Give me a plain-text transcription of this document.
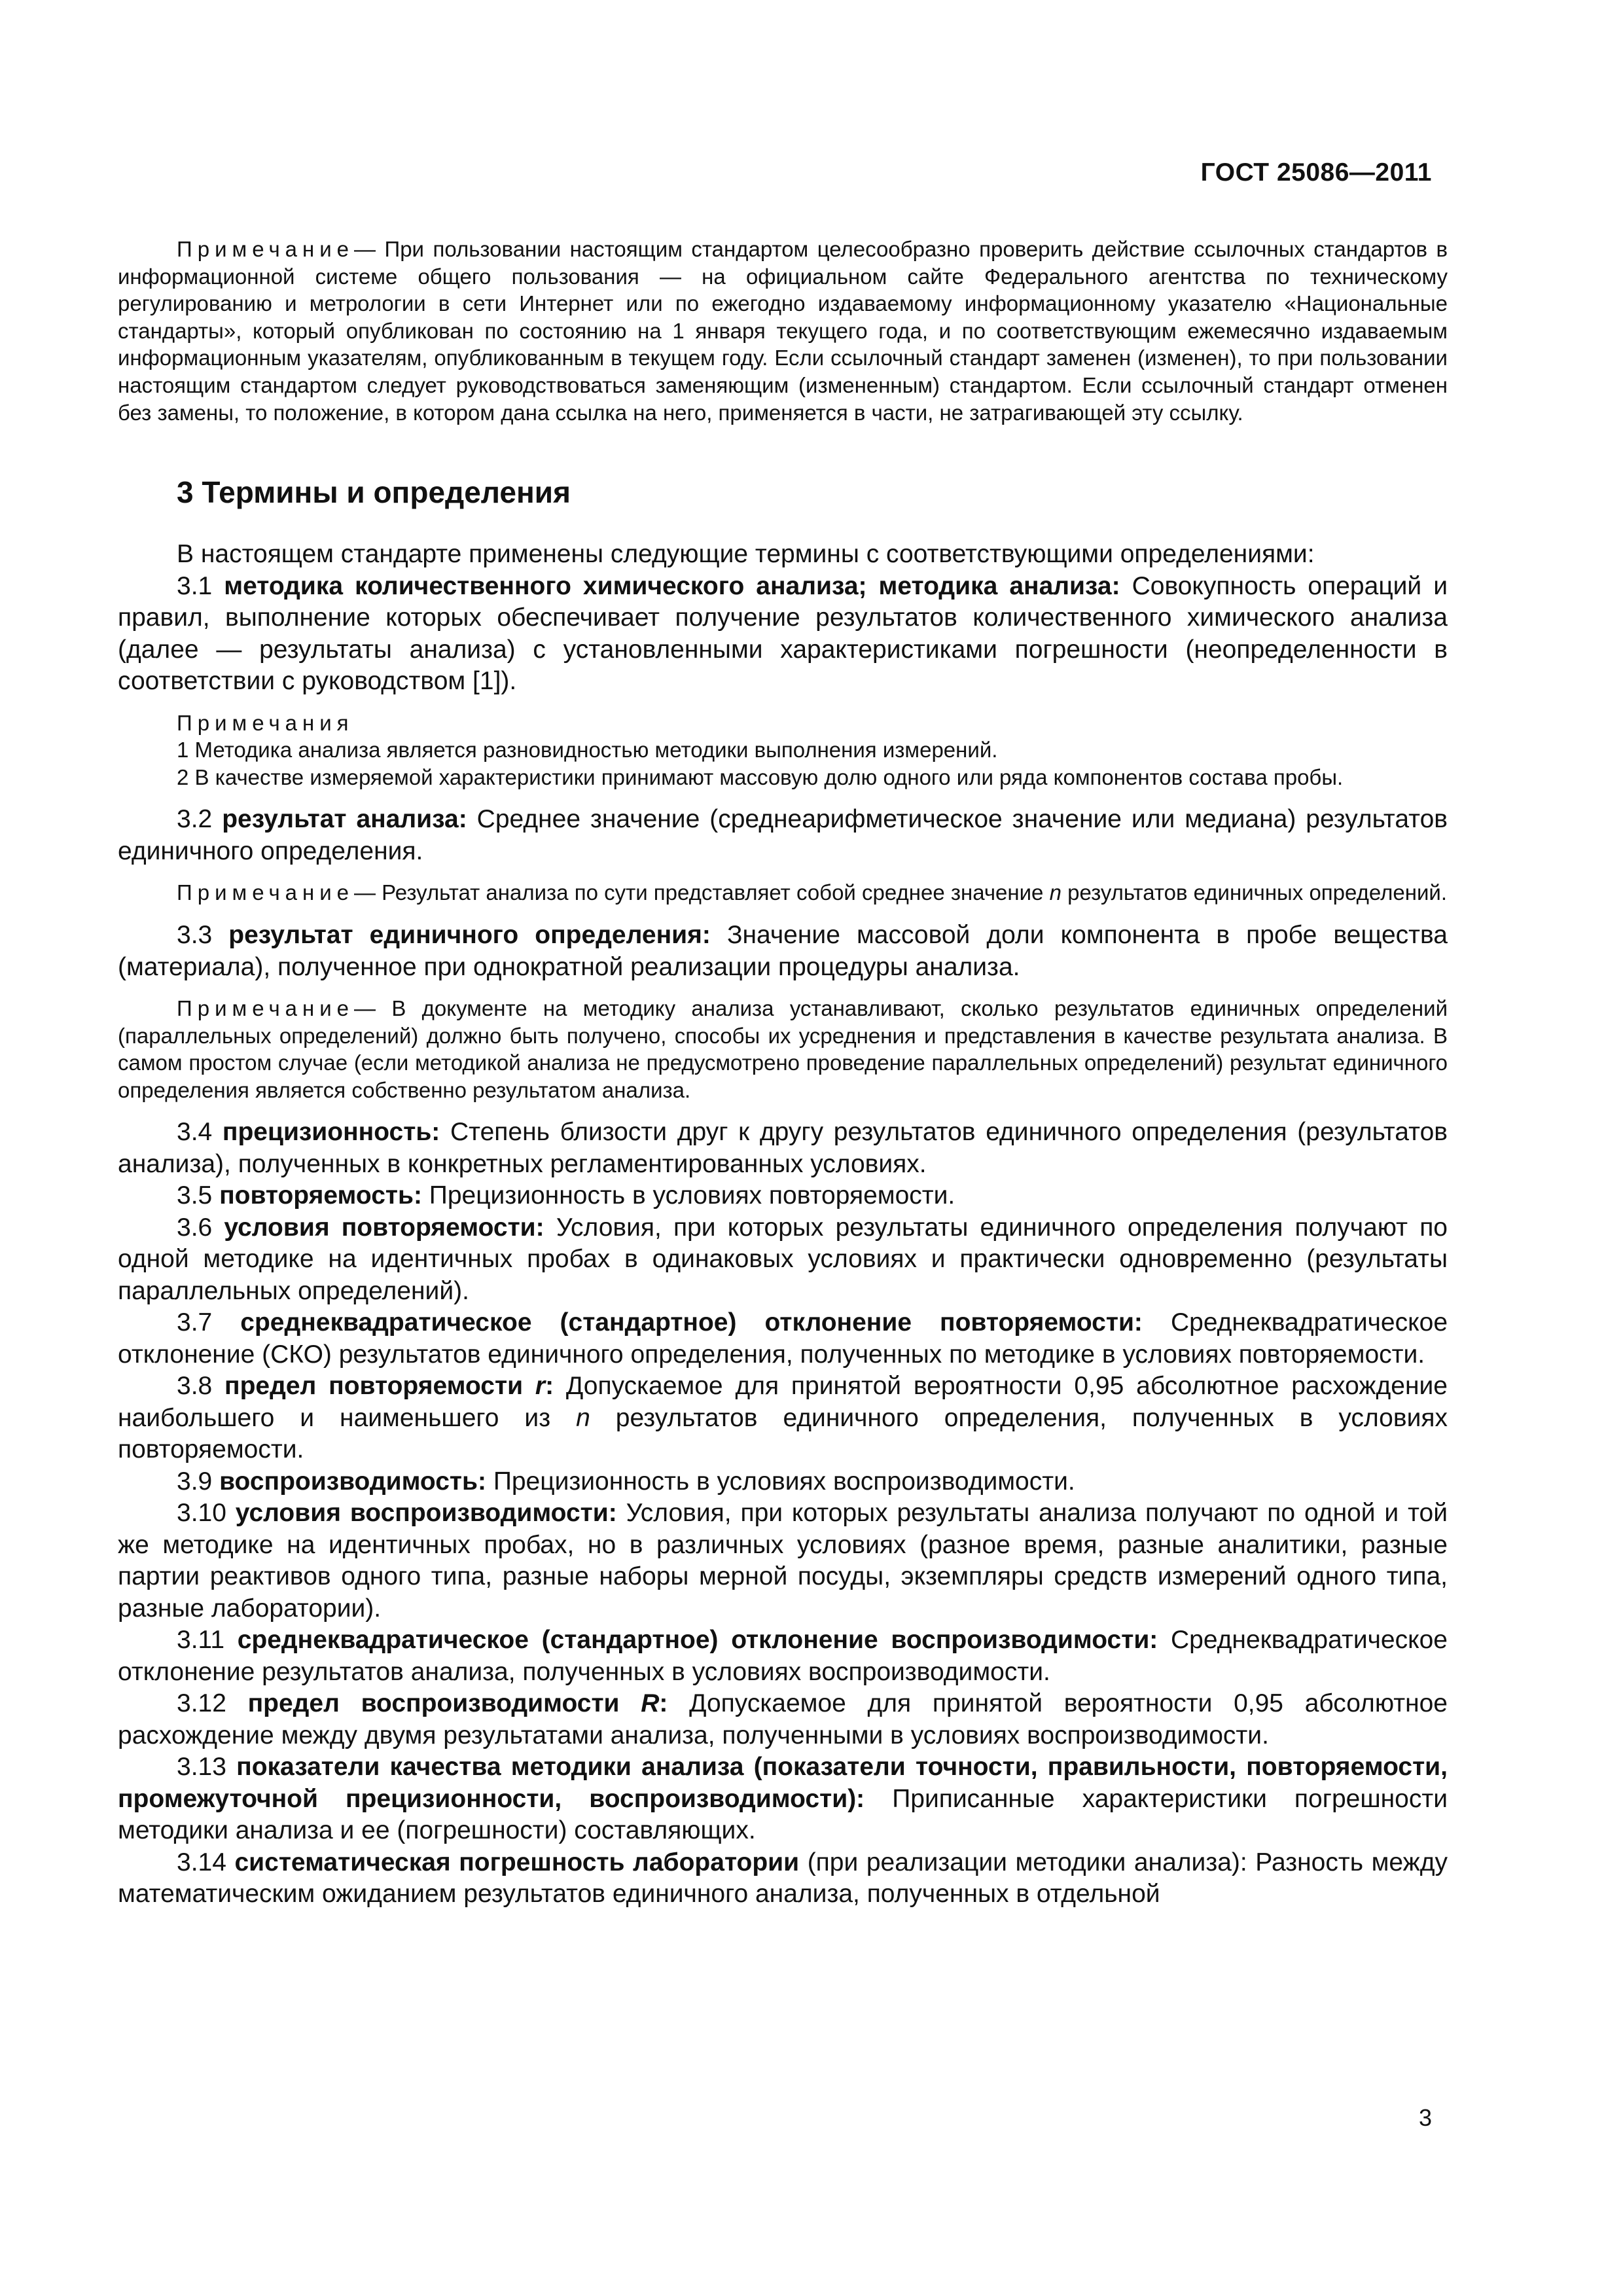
ГОСТ 25086—2011

Примечание— При пользовании настоящим стандартом целесообразно проверить действие ссылочных стандартов в информационной системе общего пользования — на официальном сайте Федерального агентства по техническому регулированию и метрологии в сети Интернет или по ежегодно издаваемому информационному указателю «Национальные стандарты», который опубликован по состоянию на 1 января текущего года, и по соответствующим ежемесячно издаваемым информационным указателям, опубликованным в текущем году. Если ссылочный стандарт заменен (изменен), то при пользовании настоящим стандартом следует руководствоваться заменяющим (измененным) стандартом. Если ссылочный стандарт отменен без замены, то положение, в котором дана ссылка на него, применяется в части, не затрагивающей эту ссылку.

3 Термины и определения

В настоящем стандарте применены следующие термины с соответствующими определениями:

3.1 методика количественного химического анализа; методика анализа: Совокупность операций и правил, выполнение которых обеспечивает получение результатов количественного химического анализа (далее — результаты анализа) с установленными характеристиками погрешности (неопределенности в соответствии с руководством [1]).

Примечания

1 Методика анализа является разновидностью методики выполнения измерений.

2 В качестве измеряемой характеристики принимают массовую долю одного или ряда компонентов состава пробы.

3.2 результат анализа: Среднее значение (среднеарифметическое значение или медиана) результатов единичного определения.

Примечание— Результат анализа по сути представляет собой среднее значение n результатов единичных определений.

3.3 результат единичного определения: Значение массовой доли компонента в пробе вещества (материала), полученное при однократной реализации процедуры анализа.

Примечание— В документе на методику анализа устанавливают, сколько результатов единичных определений (параллельных определений) должно быть получено, способы их усреднения и представления в качестве результата анализа. В самом простом случае (если методикой анализа не предусмотрено проведение параллельных определений) результат единичного определения является собственно результатом анализа.

3.4 прецизионность: Степень близости друг к другу результатов единичного определения (результатов анализа), полученных в конкретных регламентированных условиях.

3.5 повторяемость: Прецизионность в условиях повторяемости.

3.6 условия повторяемости: Условия, при которых результаты единичного определения получают по одной методике на идентичных пробах в одинаковых условиях и практически одновременно (результаты параллельных определений).

3.7 среднеквадратическое (стандартное) отклонение повторяемости: Среднеквадратическое отклонение (СКО) результатов единичного определения, полученных по методике в условиях повторяемости.

3.8 предел повторяемости r: Допускаемое для принятой вероятности 0,95 абсолютное расхождение наибольшего и наименьшего из n результатов единичного определения, полученных в условиях повторяемости.

3.9 воспроизводимость: Прецизионность в условиях воспроизводимости.

3.10 условия воспроизводимости: Условия, при которых результаты анализа получают по одной и той же методике на идентичных пробах, но в различных условиях (разное время, разные аналитики, разные партии реактивов одного типа, разные наборы мерной посуды, экземпляры средств измерений одного типа, разные лаборатории).

3.11 среднеквадратическое (стандартное) отклонение воспроизводимости: Среднеквадратическое отклонение результатов анализа, полученных в условиях воспроизводимости.

3.12 предел воспроизводимости R: Допускаемое для принятой вероятности 0,95 абсолютное расхождение между двумя результатами анализа, полученными в условиях воспроизводимости.

3.13 показатели качества методики анализа (показатели точности, правильности, повторяемости, промежуточной прецизионности, воспроизводимости): Приписанные характеристики погрешности методики анализа и ее (погрешности) составляющих.

3.14 систематическая погрешность лаборатории (при реализации методики анализа): Разность между математическим ожиданием результатов единичного анализа, полученных в отдельной

3
